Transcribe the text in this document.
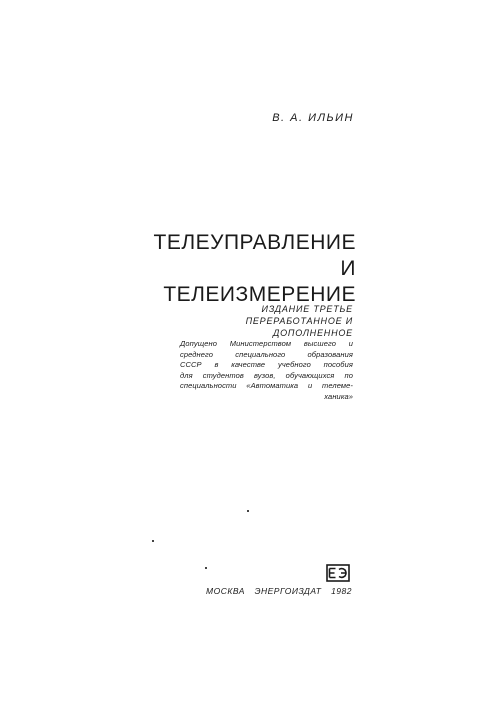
В. А. ИЛЬИН
ТЕЛЕУПРАВЛЕНИЕ
И ТЕЛЕИЗМЕРЕНИЕ
ИЗДАНИЕ ТРЕТЬЕ
ПЕРЕРАБОТАННОЕ И ДОПОЛНЕННОЕ
Допущено Министерством высшего и
среднего специального образования
СССР в качестве учебного пособия
для студентов вузов, обучающихся по
специальности «Автоматика и телеме-
ханика»
МОСКВА ЭНЕРГОИЗДАТ 1982
